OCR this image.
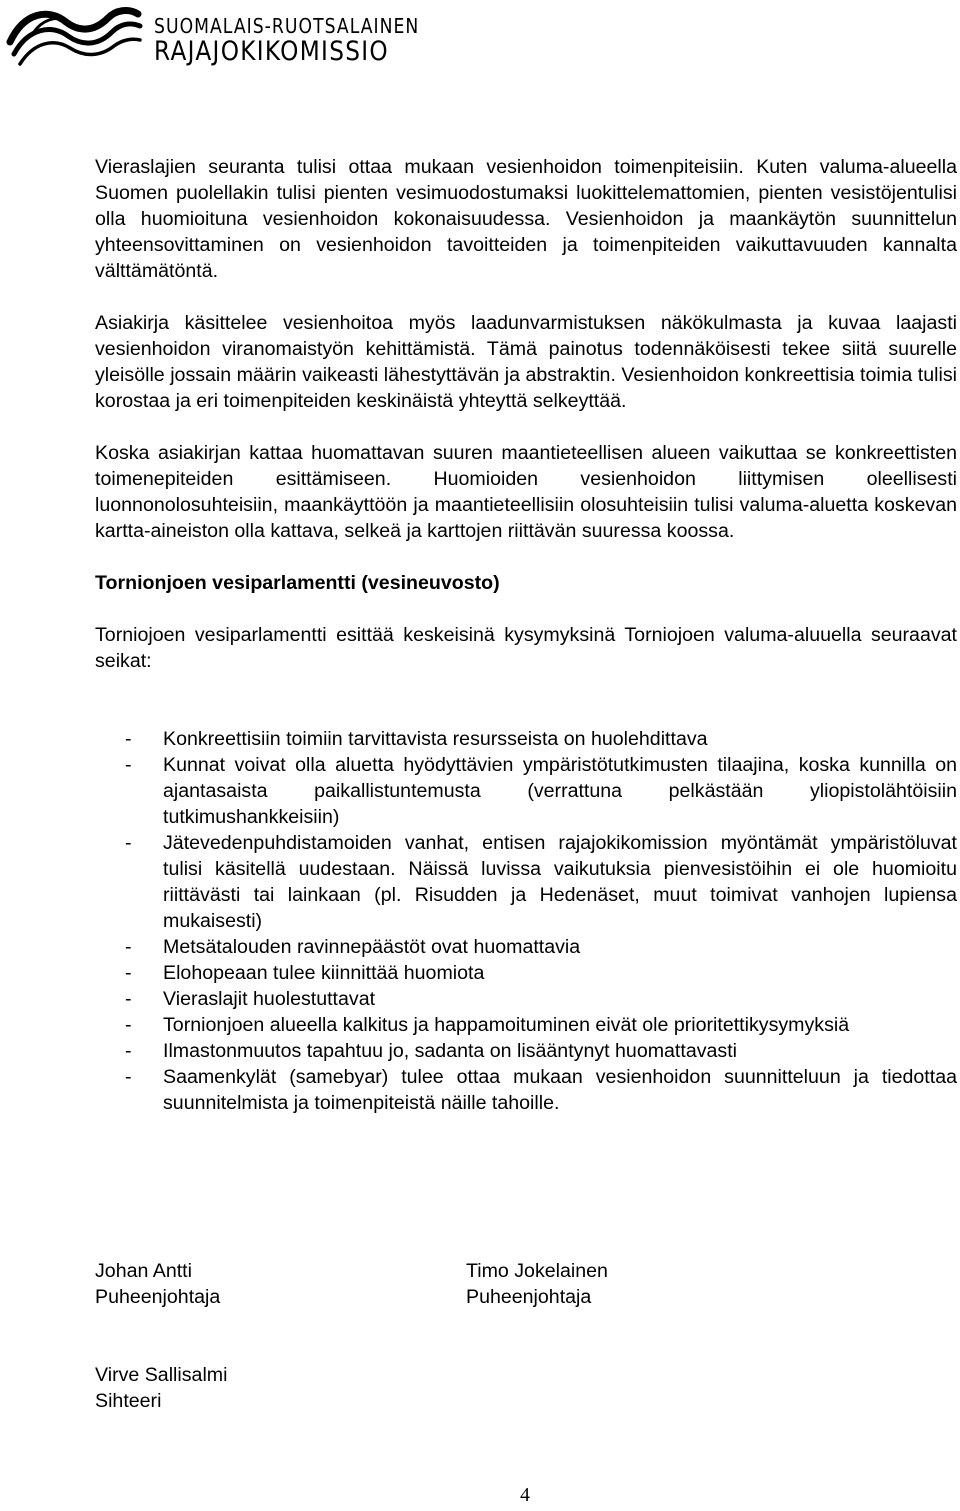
SUOMALAIS-RUOTSALAINEN
RAJAJOKIKOMISSIO

Vieraslajien seuranta tulisi ottaa mukaan vesienhoidon toimenpiteisiin. Kuten valuma-alueella Suomen puolellakin tulisi pienten vesimuodostumaksi luokittelemattomien, pienten vesistöjentulisi olla huomioituna vesienhoidon kokonaisuudessa. Vesienhoidon ja maankäytön suunnittelun yhteensovittaminen on vesienhoidon tavoitteiden ja toimenpiteiden vaikuttavuuden kannalta välttämätöntä.

Asiakirja käsittelee vesienhoitoa myös laadunvarmistuksen näkökulmasta ja kuvaa laajasti vesienhoidon viranomaistyön kehittämistä. Tämä painotus todennäköisesti tekee siitä suurelle yleisölle jossain määrin vaikeasti lähestyttävän ja abstraktin. Vesienhoidon konkreettisia toimia tulisi korostaa ja eri toimenpiteiden keskinäistä yhteyttä selkeyttää.

Koska asiakirjan kattaa huomattavan suuren maantieteellisen alueen vaikuttaa se konkreettisten toimenepiteiden esittämiseen. Huomioiden vesienhoidon liittymisen oleellisesti luonnonolosuhteisiin, maankäyttöön ja maantieteellisiin olosuhteisiin tulisi valuma-aluetta koskevan kartta-aineiston olla kattava, selkeä ja karttojen riittävän suuressa koossa.

Tornionjoen vesiparlamentti (vesineuvosto)

Torniojoen vesiparlamentti esittää keskeisinä kysymyksinä Torniojoen valuma-aluuella seuraavat seikat:

- Konkreettisiin toimiin tarvittavista resursseista on huolehdittava
- Kunnat voivat olla aluetta hyödyttävien ympäristötutkimusten tilaajina, koska kunnilla on ajantasaista paikallistuntemusta (verrattuna pelkästään yliopistolähtöisiin tutkimushankkeisiin)
- Jätevedenpuhdistamoiden vanhat, entisen rajajokikomission myöntämät ympäristöluvat tulisi käsitellä uudestaan. Näissä luvissa vaikutuksia pienvesistöihin ei ole huomioitu riittävästi tai lainkaan (pl. Risudden ja Hedenäset, muut toimivat vanhojen lupiensa mukaisesti)
- Metsätalouden ravinnepäästöt ovat huomattavia
- Elohopeaan tulee kiinnittää huomiota
- Vieraslajit huolestuttavat
- Tornionjoen alueella kalkitus ja happamoituminen eivät ole prioritettikysymyksiä
- Ilmastonmuutos tapahtuu jo, sadanta on lisääntynyt huomattavasti
- Saamenkylät (samebyar) tulee ottaa mukaan vesienhoidon suunnitteluun ja tiedottaa suunnitelmista ja toimenpiteistä näille tahoille.
Johan Antti
Puheenjohtaja
Timo Jokelainen
Puheenjohtaja
Virve Sallisalmi
Sihteeri
4
